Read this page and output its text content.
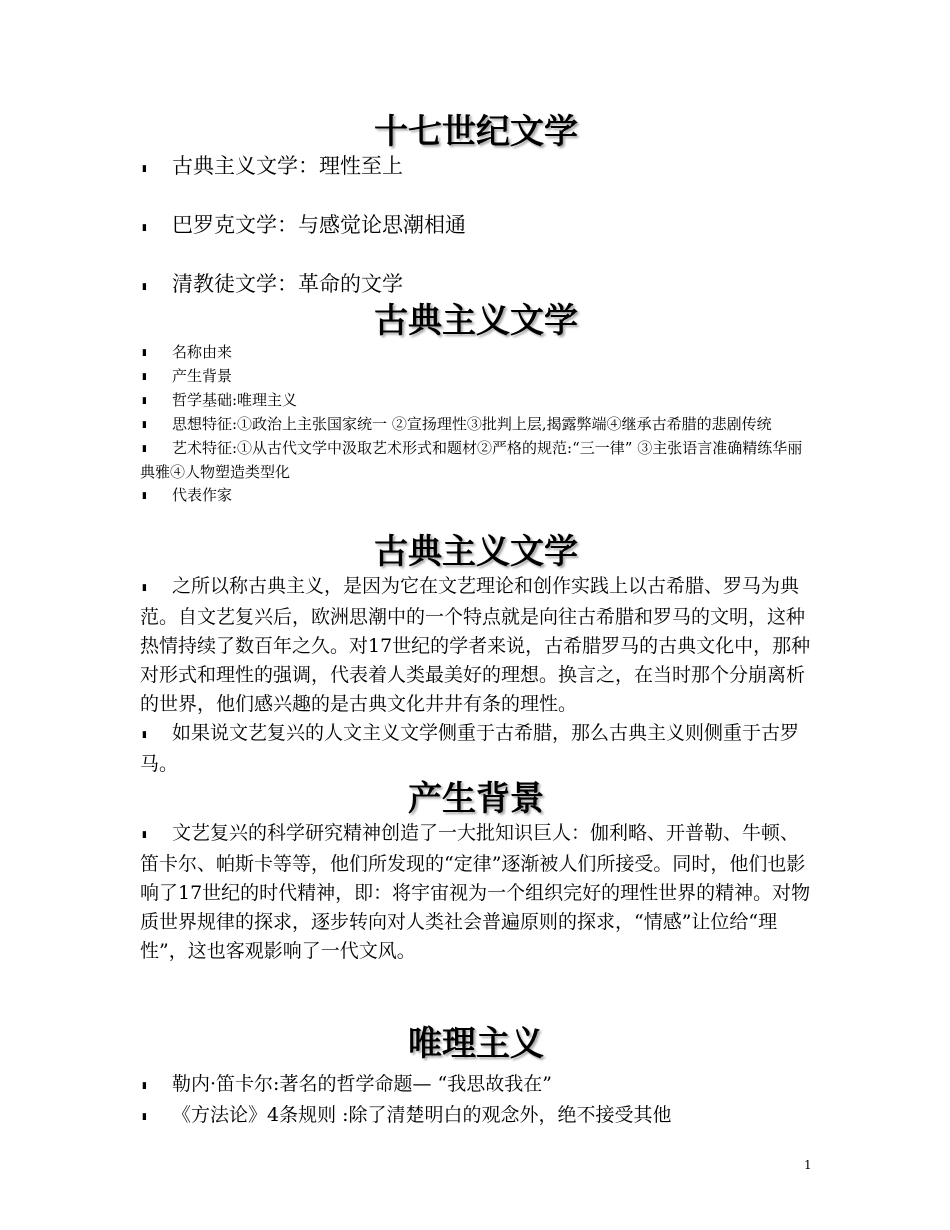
十七世纪文学

▮ 古典主义文学：理性至上

▮ 巴罗克文学：与感觉论思潮相通

▮ 清教徒文学：革命的文学

古典主义文学

▮ 名称由来

▮ 产生背景

▮ 哲学基础:唯理主义

▮ 思想特征:①政治上主张国家统一 ②宣扬理性③批判上层,揭露弊端④继承古希腊的悲剧传统

▮ 艺术特征:①从古代文学中汲取艺术形式和题材②严格的规范:“三一律” ③主张语言准确精练华丽典雅④人物塑造类型化

▮ 代表作家

古典主义文学

▮ 之所以称古典主义，是因为它在文艺理论和创作实践上以古希腊、罗马为典范。自文艺复兴后，欧洲思潮中的一个特点就是向往古希腊和罗马的文明，这种热情持续了数百年之久。对17世纪的学者来说，古希腊罗马的古典文化中，那种对形式和理性的强调，代表着人类最美好的理想。换言之，在当时那个分崩离析的世界，他们感兴趣的是古典文化井井有条的理性。

▮ 如果说文艺复兴的人文主义文学侧重于古希腊，那么古典主义则侧重于古罗马。

产生背景

▮ 文艺复兴的科学研究精神创造了一大批知识巨人：伽利略、开普勒、牛顿、笛卡尔、帕斯卡等等，他们所发现的“定律”逐渐被人们所接受。同时，他们也影响了17世纪的时代精神，即：将宇宙视为一个组织完好的理性世界的精神。对物质世界规律的探求，逐步转向对人类社会普遍原则的探求，“情感”让位给“理性”，这也客观影响了一代文风。

唯理主义

▮ 勒内·笛卡尔:著名的哲学命题— “我思故我在”

▮ 《方法论》4条规则 :除了清楚明白的观念外，绝不接受其他

1
